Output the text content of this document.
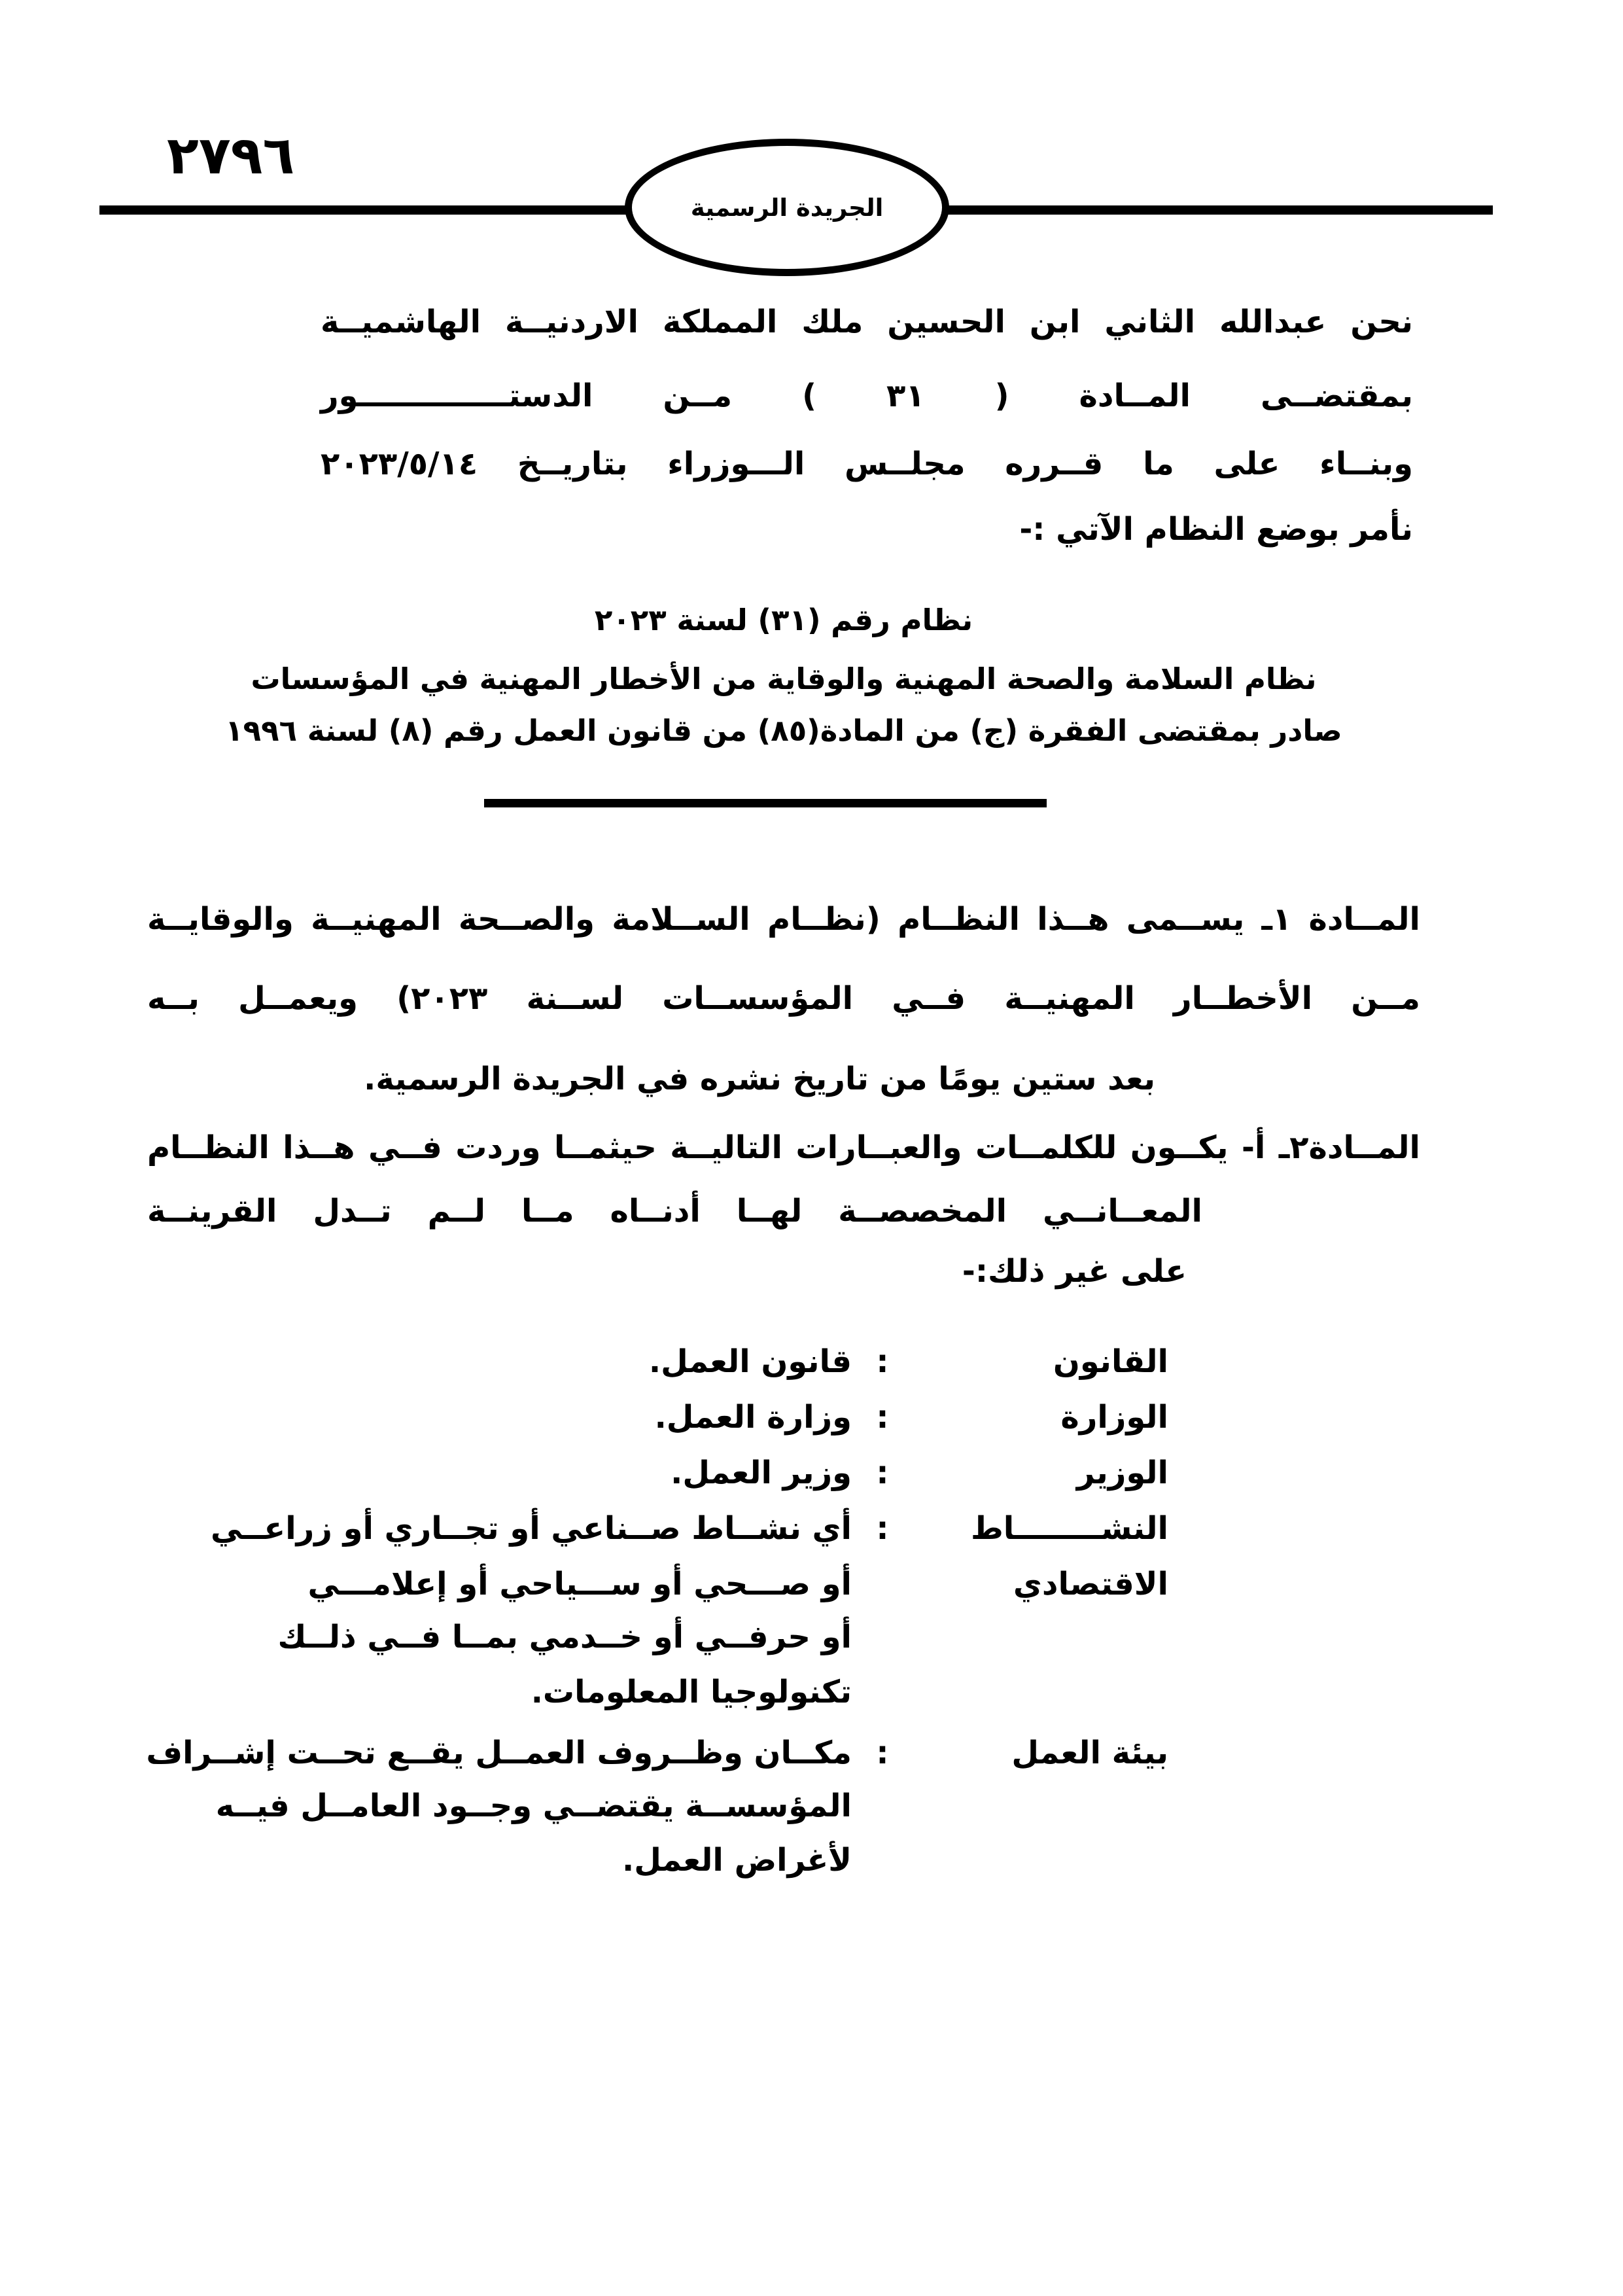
٢٧٩٦
الجريدة الرسمية
نحن عبدالله الثاني ابن الحسين ملك المملكة الاردنيــة الهاشميــة
بمقتضــى المــادة ( ٣١ ) مــن الدستــــــــــــــور
وبنــاء على ما قــرره مجلــس الـــوزراء بتاريــخ ٢٠٢٣/٥/١٤
نأمر بوضع النظام الآتي :-
نظام رقم (٣١) لسنة ٢٠٢٣
نظام السلامة والصحة المهنية والوقاية من الأخطار المهنية في المؤسسات
صادر بمقتضى الفقرة (ج) من المادة(٨٥) من قانون العمل رقم (٨) لسنة ١٩٩٦
المــادة ١ـ يســمى هــذا النظــام (نظــام الســلامة والصــحة المهنيــة والوقايــة
مــن الأخطــار المهنيــة فــي المؤسســات لســنة ٢٠٢٣) ويعمــل بــه
بعد ستين يومًا من تاريخ نشره في الجريدة الرسمية.
المــادة٢ـ أ- يكــون للكلمــات والعبــارات التاليــة حيثمــا وردت فــي هــذا النظــام
المعــانــي المخصصــة لهــا أدنــاه مــا لــم تــدل القرينــة
على غير ذلك:-
القانون
:
قانون العمل.
الوزارة
:
وزارة العمل.
الوزير
:
وزير العمل.
النشــــــــاط
:
أي نشــاط صــناعي أو تجــاري أو زراعــي
الاقتصادي
أو صـــحي أو ســـياحي أو إعلامـــي
أو حرفــي أو خــدمي بمــا فــي ذلــك
تكنولوجيا المعلومات.
بيئة العمل
:
مكــان وظــروف العمــل يقــع تحــت إشــراف
المؤسســة يقتضــي وجــود العامــل فيــه
لأغراض العمل.
